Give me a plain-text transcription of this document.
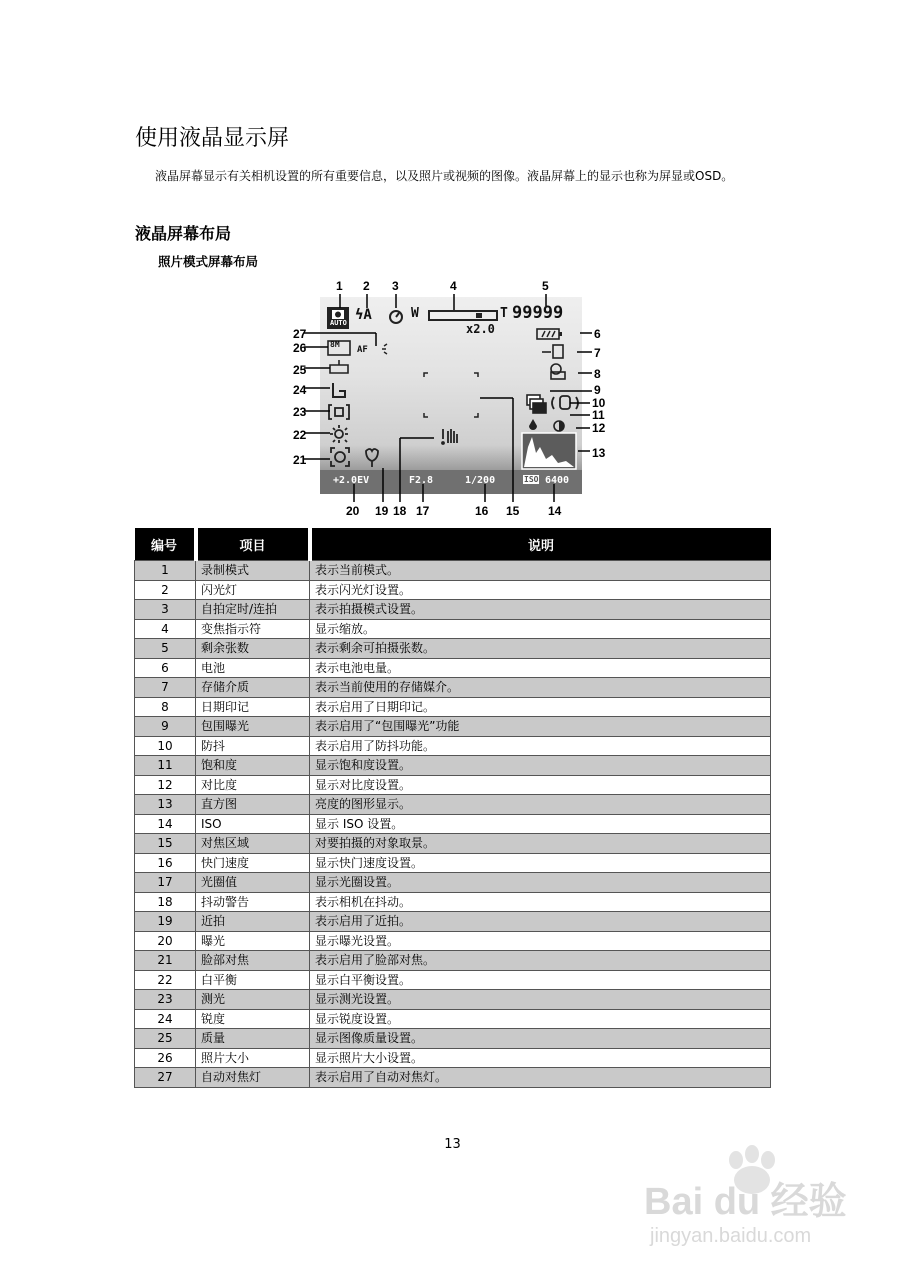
使用液晶显示屏
液晶屏幕显示有关相机设置的所有重要信息，以及照片或视频的图像。液晶屏幕上的显示也称为屏显或OSD。
液晶屏幕布局
照片模式屏幕布局
AUTO ϟA	W	T 99999
x2.0
8M
AF
+2.0EV	F2.8	1/200	ISO 6400
1 2 3	4	5
6
7
8
9
10
11
12
13
14
15
16
17
18
19
20
21
22
23
24
25
26
27
编号	项目	说明
1	录制模式	表示当前模式。
2	闪光灯	表示闪光灯设置。
3	自拍定时/连拍	表示拍摄模式设置。
4	变焦指示符	显示缩放。
5	剩余张数	表示剩余可拍摄张数。
6	电池	表示电池电量。
7	存储介质	表示当前使用的存储媒介。
8	日期印记	表示启用了日期印记。
9	包围曝光	表示启用了“包围曝光”功能
10	防抖	表示启用了防抖功能。
11	饱和度	显示饱和度设置。
12	对比度	显示对比度设置。
13	直方图	亮度的图形显示。
14	ISO	显示 ISO 设置。
15	对焦区域	对要拍摄的对象取景。
16	快门速度	显示快门速度设置。
17	光圈值	显示光圈设置。
18	抖动警告	表示相机在抖动。
19	近拍	表示启用了近拍。
20	曝光	显示曝光设置。
21	脸部对焦	表示启用了脸部对焦。
22	白平衡	显示白平衡设置。
23	测光	显示测光设置。
24	锐度	显示锐度设置。
25	质量	显示图像质量设置。
26	照片大小	显示照片大小设置。
27	自动对焦灯	表示启用了自动对焦灯。
13
Bai du 经验
jingyan.baidu.com
